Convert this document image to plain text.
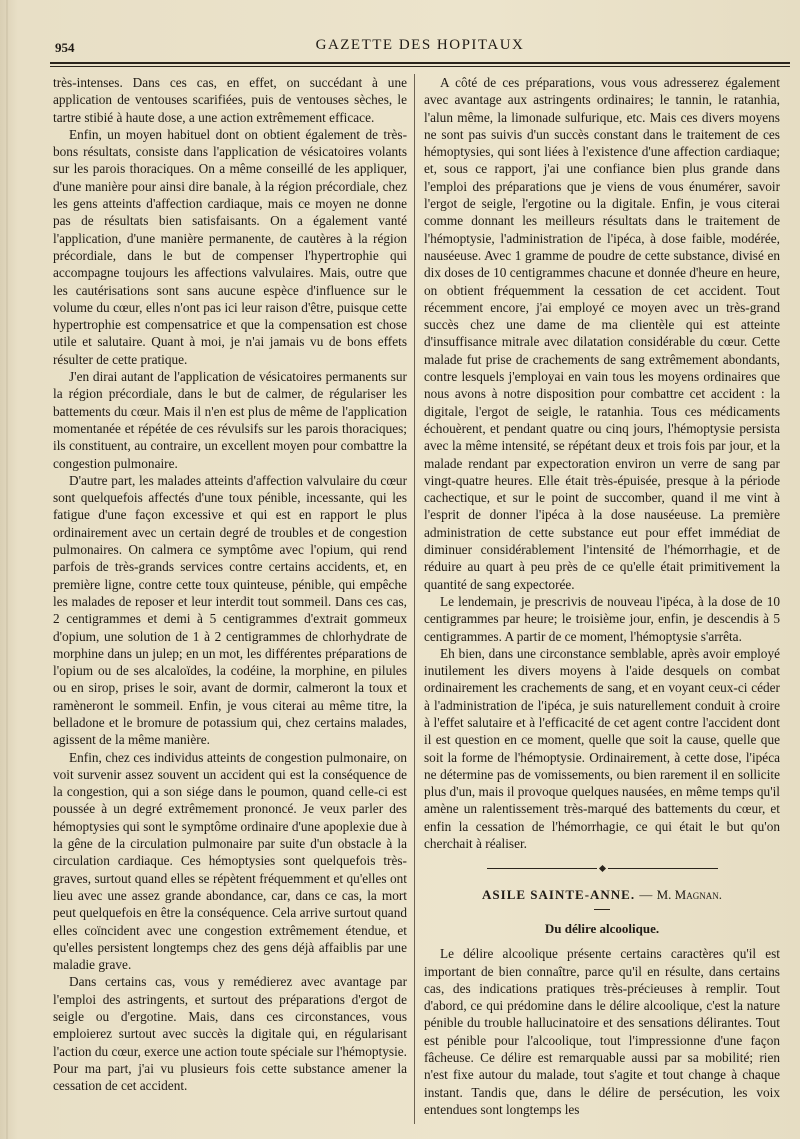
954	GAZETTE DES HOPITAUX

très-intenses. Dans ces cas, en effet, on succédant à une application de ventouses scarifiées, puis de ventouses sèches, le tartre stibié à haute dose, a une action extrêmement efficace.

Enfin, un moyen habituel dont on obtient également de très-bons résultats, consiste dans l'application de vésicatoires volants sur les parois thoraciques. On a même conseillé de les appliquer, d'une manière pour ainsi dire banale, à la région précordiale, chez les gens atteints d'affection cardiaque, mais ce moyen ne donne pas de résultats bien satisfaisants. On a également vanté l'application, d'une manière permanente, de cautères à la région précordiale, dans le but de compenser l'hypertrophie qui accompagne toujours les affections valvulaires. Mais, outre que les cautérisations sont sans aucune espèce d'influence sur le volume du cœur, elles n'ont pas ici leur raison d'être, puisque cette hypertrophie est compensatrice et que la compensation est chose utile et salutaire. Quant à moi, je n'ai jamais vu de bons effets résulter de cette pratique.

J'en dirai autant de l'application de vésicatoires permanents sur la région précordiale, dans le but de calmer, de régulariser les battements du cœur. Mais il n'en est plus de même de l'application momentanée et répétée de ces révulsifs sur les parois thoraciques; ils constituent, au contraire, un excellent moyen pour combattre la congestion pulmonaire.

D'autre part, les malades atteints d'affection valvulaire du cœur sont quelquefois affectés d'une toux pénible, incessante, qui les fatigue d'une façon excessive et qui est en rapport le plus ordinairement avec un certain degré de troubles et de congestion pulmonaires. On calmera ce symptôme avec l'opium, qui rend parfois de très-grands services contre certains accidents, et, en première ligne, contre cette toux quinteuse, pénible, qui empêche les malades de reposer et leur interdit tout sommeil. Dans ces cas, 2 centigrammes et demi à 5 centigrammes d'extrait gommeux d'opium, une solution de 1 à 2 centigrammes de chlorhydrate de morphine dans un julep; en un mot, les différentes préparations de l'opium ou de ses alcaloïdes, la codéine, la morphine, en pilules ou en sirop, prises le soir, avant de dormir, calmeront la toux et ramèneront le sommeil. Enfin, je vous citerai au même titre, la belladone et le bromure de potassium qui, chez certains malades, agissent de la même manière.

Enfin, chez ces individus atteints de congestion pulmonaire, on voit survenir assez souvent un accident qui est la conséquence de la congestion, qui a son siége dans le poumon, quand celle-ci est poussée à un degré extrêmement prononcé. Je veux parler des hémoptysies qui sont le symptôme ordinaire d'une apoplexie due à la gêne de la circulation pulmonaire par suite d'un obstacle à la circulation cardiaque. Ces hémoptysies sont quelquefois très-graves, surtout quand elles se répètent fréquemment et qu'elles ont lieu avec une assez grande abondance, car, dans ce cas, la mort peut quelquefois en être la conséquence. Cela arrive surtout quand elles coïncident avec une congestion extrêmement étendue, et qu'elles persistent longtemps chez des gens déjà affaiblis par une maladie grave.

Dans certains cas, vous y remédierez avec avantage par l'emploi des astringents, et surtout des préparations d'ergot de seigle ou d'ergotine. Mais, dans ces circonstances, vous emploierez surtout avec succès la digitale qui, en régularisant l'action du cœur, exerce une action toute spéciale sur l'hémoptysie. Pour ma part, j'ai vu plusieurs fois cette substance amener la cessation de cet accident.

A côté de ces préparations, vous vous adresserez également avec avantage aux astringents ordinaires; le tannin, le ratanhia, l'alun même, la limonade sulfurique, etc. Mais ces divers moyens ne sont pas suivis d'un succès constant dans le traitement de ces hémoptysies, qui sont liées à l'existence d'une affection cardiaque; et, sous ce rapport, j'ai une confiance bien plus grande dans l'emploi des préparations que je viens de vous énumérer, savoir l'ergot de seigle, l'ergotine ou la digitale. Enfin, je vous citerai comme donnant les meilleurs résultats dans le traitement de l'hémoptysie, l'administration de l'ipéca, à dose faible, modérée, nauséeuse. Avec 1 gramme de poudre de cette substance, divisé en dix doses de 10 centigrammes chacune et donnée d'heure en heure, on obtient fréquemment la cessation de cet accident. Tout récemment encore, j'ai employé ce moyen avec un très-grand succès chez une dame de ma clientèle qui est atteinte d'insuffisance mitrale avec dilatation considérable du cœur. Cette malade fut prise de crachements de sang extrêmement abondants, contre lesquels j'employai en vain tous les moyens ordinaires que nous avons à notre disposition pour combattre cet accident : la digitale, l'ergot de seigle, le ratanhia. Tous ces médicaments échouèrent, et pendant quatre ou cinq jours, l'hémoptysie persista avec la même intensité, se répétant deux et trois fois par jour, et la malade rendant par expectoration environ un verre de sang par vingt-quatre heures. Elle était très-épuisée, presque à la période cachectique, et sur le point de succomber, quand il me vint à l'esprit de donner l'ipéca à la dose nauséeuse. La première administration de cette substance eut pour effet immédiat de diminuer considérablement l'intensité de l'hémorrhagie, et de réduire au quart à peu près de ce qu'elle était primitivement la quantité de sang expectorée.

Le lendemain, je prescrivis de nouveau l'ipéca, à la dose de 10 centigrammes par heure; le troisième jour, enfin, je descendis à 5 centigrammes. A partir de ce moment, l'hémoptysie s'arrêta.

Eh bien, dans une circonstance semblable, après avoir employé inutilement les divers moyens à l'aide desquels on combat ordinairement les crachements de sang, et en voyant ceux-ci céder à l'administration de l'ipéca, je suis naturellement conduit à croire à l'effet salutaire et à l'efficacité de cet agent contre l'accident dont il est question en ce moment, quelle que soit la cause, quelle que soit la forme de l'hémoptysie. Ordinairement, à cette dose, l'ipéca ne détermine pas de vomissements, ou bien rarement il en sollicite plus d'un, mais il provoque quelques nausées, en même temps qu'il amène un ralentissement très-marqué des battements du cœur, et enfin la cessation de l'hémorrhagie, ce qui était le but qu'on cherchait à réaliser.

ASILE SAINTE-ANNE. — M. Magnan.
Du délire alcoolique.

Le délire alcoolique présente certains caractères qu'il est important de bien connaître, parce qu'il en résulte, dans certains cas, des indications pratiques très-précieuses à remplir. Tout d'abord, ce qui prédomine dans le délire alcoolique, c'est la nature pénible du trouble hallucinatoire et des sensations délirantes. Tout est pénible pour l'alcoolique, tout l'impressionne d'une façon fâcheuse. Ce délire est remarquable aussi par sa mobilité; rien n'est fixe autour du malade, tout s'agite et tout change à chaque instant. Tandis que, dans le délire de persécution, les voix entendues sont longtemps les
